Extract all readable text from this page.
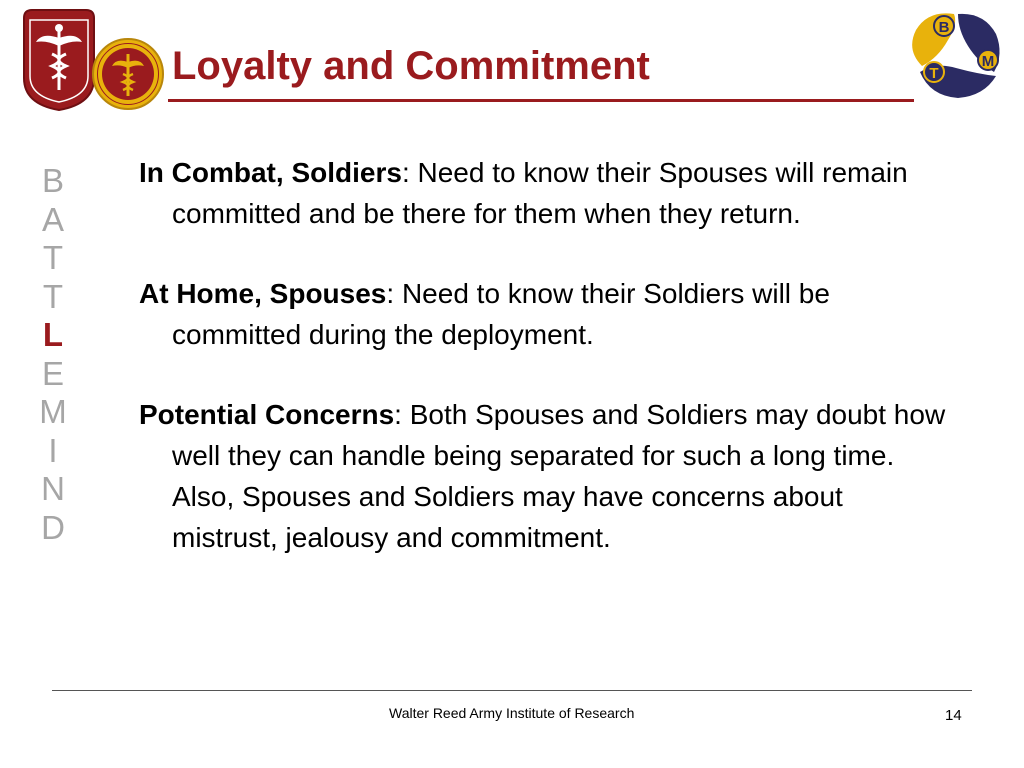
Loyalty and Commitment
B
T
M
B
A
T
T
L
E
M
I
N
D

In Combat, Soldiers: Need to know their Spouses will remain committed and be there for them when they return.

At Home, Spouses: Need to know their Soldiers will be committed during the deployment.

Potential Concerns: Both Spouses and Soldiers may doubt how well they can handle being separated for such a long time. Also, Spouses and Soldiers may have concerns about mistrust, jealousy and commitment.

Walter Reed Army Institute of Research	14
